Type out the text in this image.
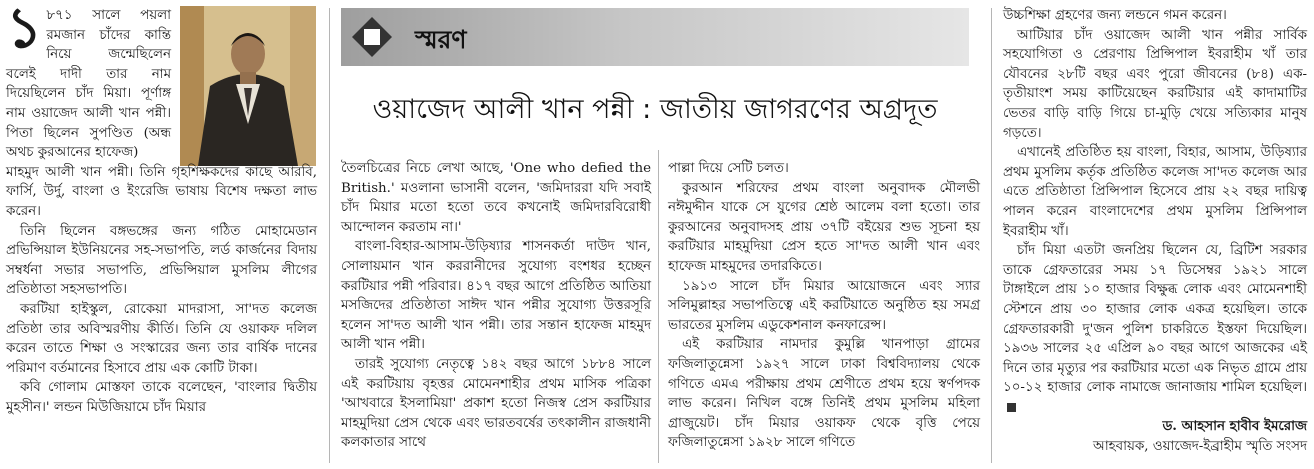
১ ৮৭১ সালে পয়লা রমজান চাঁদের কান্তি নিয়ে জন্মেছিলেন বলেই দাদী তার নাম দিয়েছিলেন চাঁদ মিয়া। পূর্ণাঙ্গ নাম ওয়াজেদ আলী খান পন্নী। পিতা ছিলেন সুপণ্ডিত (অন্ধ অথচ কুরআনের হাফেজ)

মাহমুদ আলী খান পন্নী। তিনি গৃহশিক্ষকদের কাছে আরবি, ফার্সি, উর্দু, বাংলা ও ইংরেজি ভাষায় বিশেষ দক্ষতা লাভ করেন।

তিনি ছিলেন বঙ্গভঙ্গের জন্য গঠিত মোহামেডান প্রভিন্সিয়াল ইউনিয়নের সহ-সভাপতি, লর্ড কার্জনের বিদায় সম্বর্ধনা সভার সভাপতি, প্রভিন্সিয়াল মুসলিম লীগের প্রতিষ্ঠাতা সহসভাপতি।

করটিয়া হাইস্কুল, রোকেয়া মাদরাসা, সা'দত কলেজ প্রতিষ্ঠা তার অবিস্মরণীয় কীর্তি। তিনি যে ওয়াকফ দলিল করেন তাতে শিক্ষা ও সংস্কারের জন্য তার বার্ষিক দানের পরিমাণ বর্তমানের হিসাবে প্রায় এক কোটি টাকা।

কবি গোলাম মোস্তফা তাকে বলেছেন, 'বাংলার দ্বিতীয় মুহসীন।' লন্ডন মিউজিয়ামে চাঁদ মিয়ার

স্মরণ
ওয়াজেদ আলী খান পন্নী : জাতীয় জাগরণের অগ্রদূত

তৈলচিত্রের নিচে লেখা আছে, 'One who defied the British.' মওলানা ভাসানী বলেন, 'জমিদাররা যদি সবাই চাঁদ মিয়ার মতো হতো তবে কখনোই জমিদারবিরোধী আন্দোলন করতাম না।'

বাংলা-বিহার-আসাম-উড়িষ্যার শাসনকর্তা দাউদ খান, সোলায়মান খান কররানীদের সুযোগ্য বংশধর হচ্ছেন করটিয়ার পন্নী পরিবার। ৪১৭ বছর আগে প্রতিষ্ঠিত আতিয়া মসজিদের প্রতিষ্ঠাতা সাঈদ খান পন্নীর সুযোগ্য উত্তরসূরি হলেন সা'দত আলী খান পন্নী। তার সন্তান হাফেজ মাহমুদ আলী খান পন্নী।

তারই সুযোগ্য নেতৃত্বে ১৪২ বছর আগে ১৮৮৪ সালে এই করটিয়ায় বৃহত্তর মোমেনশাহীর প্রথম মাসিক পত্রিকা 'আখবারে ইসলামিয়া' প্রকাশ হতো নিজস্ব প্রেস করটিয়ার মাহমুদিয়া প্রেস থেকে এবং ভারতবর্ষের তৎকালীন রাজধানী কলকাতার সাথে

পাল্লা দিয়ে সেটি চলত।

কুরআন শরিফের প্রথম বাংলা অনুবাদক মৌলভী নঈমুদ্দীন যাকে সে যুগের শ্রেষ্ঠ আলেম বলা হতো। তার কুরআনের অনুবাদসহ প্রায় ৩৭টি বইয়ের শুভ সূচনা হয় করটিয়ার মাহমুদিয়া প্রেস হতে সা'দত আলী খান এবং হাফেজ মাহমুদের তদারকিতে।

১৯১৩ সালে চাঁদ মিয়ার আয়োজনে এবং স্যার সলিমুল্লাহর সভাপতিত্বে এই করটিয়াতে অনুষ্ঠিত হয় সমগ্র ভারতের মুসলিম এডুকেশনাল কনফারেন্স।

এই করটিয়ার নামদার কুমুল্লি খানপাড়া গ্রামের ফজিলাতুন্নেসা ১৯২৭ সালে ঢাকা বিশ্ববিদ্যালয় থেকে গণিতে এমএ পরীক্ষায় প্রথম শ্রেণীতে প্রথম হয়ে স্বর্ণপদক লাভ করেন। নিখিল বঙ্গে তিনিই প্রথম মুসলিম মহিলা গ্রাজুয়েট। চাঁদ মিয়ার ওয়াকফ থেকে বৃত্তি পেয়ে ফজিলাতুন্নেসা ১৯২৮ সালে গণিতে

উচ্চশিক্ষা গ্রহণের জন্য লন্ডনে গমন করেন।

আটিয়ার চাঁদ ওয়াজেদ আলী খান পন্নীর সার্বিক সহযোগিতা ও প্রেরণায় প্রিন্সিপাল ইবরাহীম খাঁ তার যৌবনের ২৮টি বছর এবং পুরো জীবনের (৮৪) এক-তৃতীয়াংশ সময় কাটিয়েছেন করটিয়ার এই কাদামাটির ভেতর বাড়ি বাড়ি গিয়ে চা-মুড়ি খেয়ে সত্যিকার মানুষ গড়তে।

এখানেই প্রতিষ্ঠিত হয় বাংলা, বিহার, আসাম, উড়িষ্যার প্রথম মুসলিম কর্তৃক প্রতিষ্ঠিত কলেজ সা'দত কলেজ আর এতে প্রতিষ্ঠাতা প্রিন্সিপাল হিসেবে প্রায় ২২ বছর দায়িত্ব পালন করেন বাংলাদেশের প্রথম মুসলিম প্রিন্সিপাল ইবরাহীম খাঁ।

চাঁদ মিয়া এতটা জনপ্রিয় ছিলেন যে, ব্রিটিশ সরকার তাকে গ্রেফতারের সময় ১৭ ডিসেম্বর ১৯২১ সালে টাঙ্গাইলে প্রায় ১০ হাজার বিক্ষুব্ধ লোক এবং মোমেনশাহী স্টেশনে প্রায় ৩০ হাজার লোক একত্র হয়েছিল। তাকে গ্রেফতারকারী দু'জন পুলিশ চাকরিতে ইস্তফা দিয়েছিল। ১৯৩৬ সালের ২৫ এপ্রিল ৯০ বছর আগে আজকের এই দিনে তার মৃত্যুর পর করটিয়ার মতো এক নিভৃত গ্রামে প্রায় ১০-১২ হাজার লোক নামাজে জানাজায় শামিল হয়েছিল।

ড. আহসান হাবীব ইমরোজ

আহবায়ক, ওয়াজেদ-ইব্রাহীম স্মৃতি সংসদ
